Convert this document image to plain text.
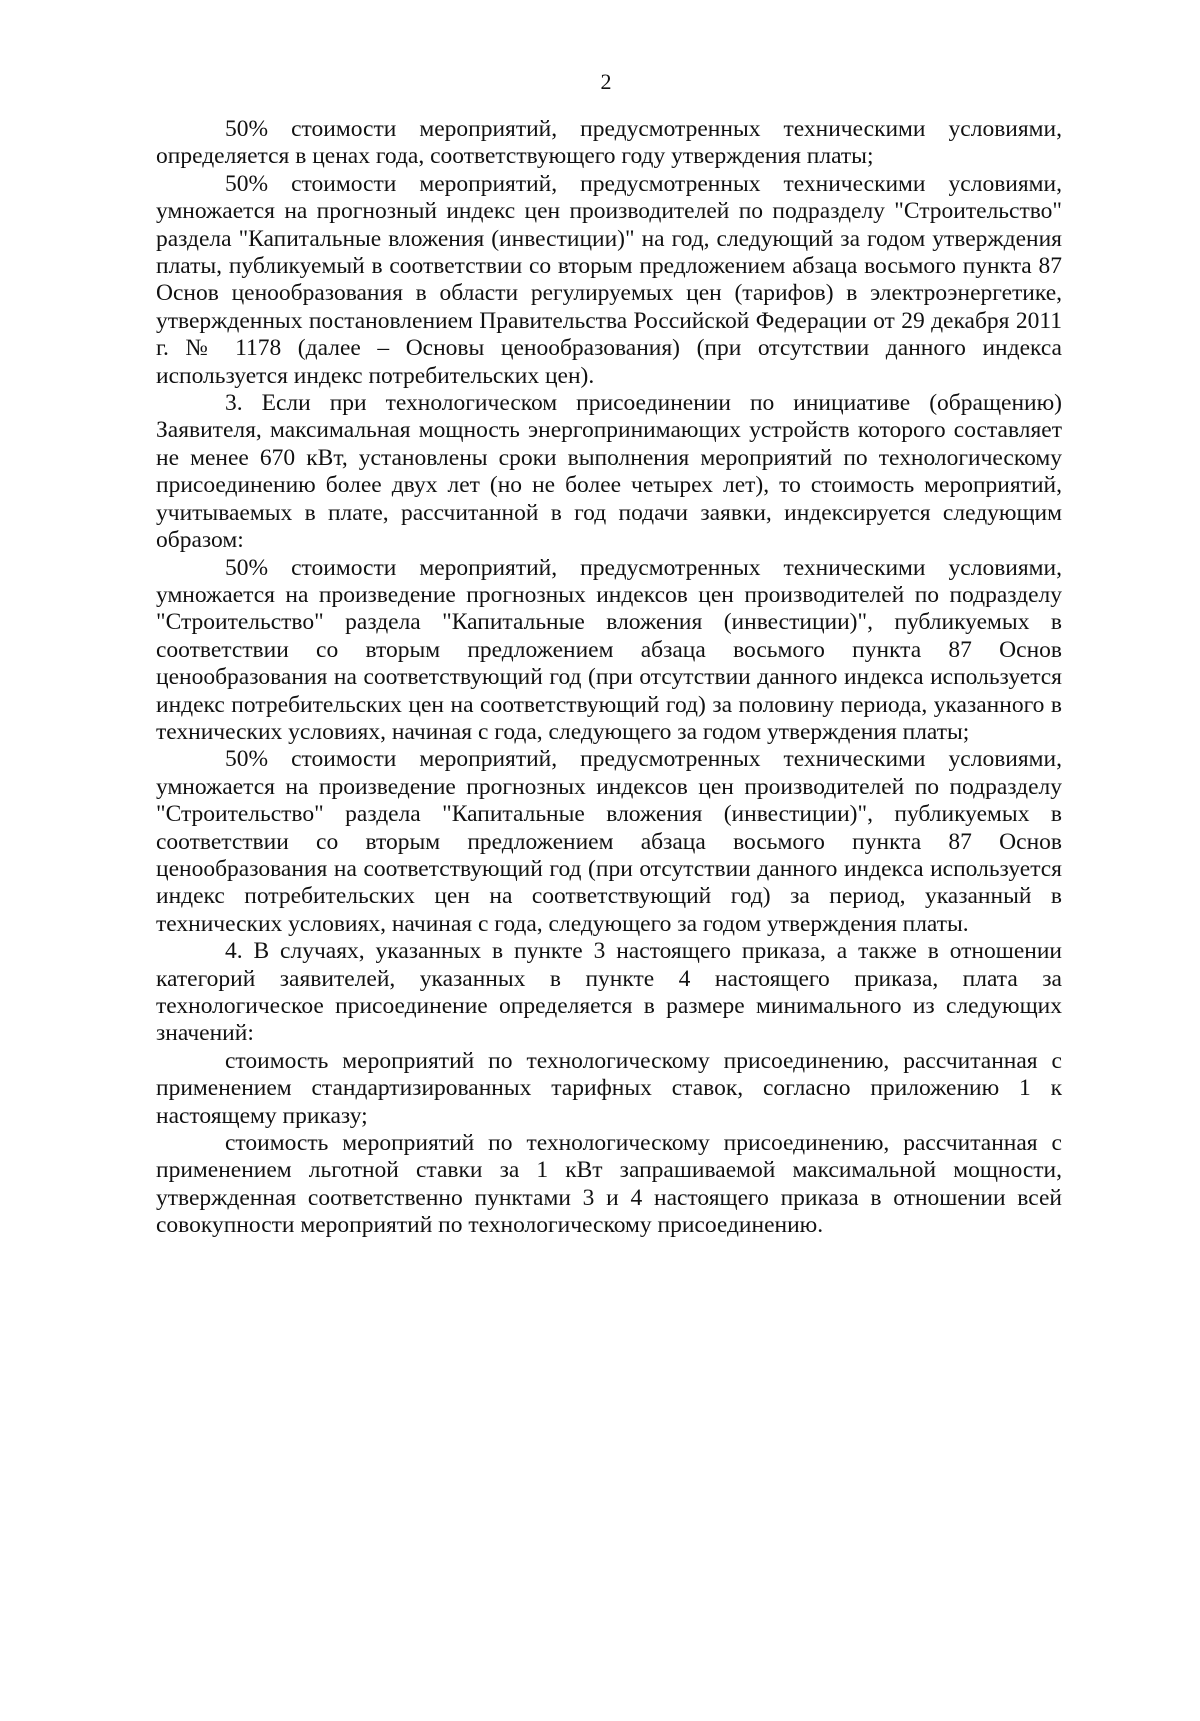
2

50% стоимости мероприятий, предусмотренных техническими условиями, определяется в ценах года, соответствующего году утверждения платы;

50% стоимости мероприятий, предусмотренных техническими условиями, умножается на прогнозный индекс цен производителей по подразделу "Строительство" раздела "Капитальные вложения (инвестиции)" на год, следующий за годом утверждения платы, публикуемый в соответствии со вторым предложением абзаца восьмого пункта 87 Основ ценообразования в области регулируемых цен (тарифов) в электроэнергетике, утвержденных постановлением Правительства Российской Федерации от 29 декабря 2011 г. № 1178 (далее – Основы ценообразования) (при отсутствии данного индекса используется индекс потребительских цен).

3. Если при технологическом присоединении по инициативе (обращению) Заявителя, максимальная мощность энергопринимающих устройств которого составляет не менее 670 кВт, установлены сроки выполнения мероприятий по технологическому присоединению более двух лет (но не более четырех лет), то стоимость мероприятий, учитываемых в плате, рассчитанной в год подачи заявки, индексируется следующим образом:

50% стоимости мероприятий, предусмотренных техническими условиями, умножается на произведение прогнозных индексов цен производителей по подразделу "Строительство" раздела "Капитальные вложения (инвестиции)", публикуемых в соответствии со вторым предложением абзаца восьмого пункта 87 Основ ценообразования на соответствующий год (при отсутствии данного индекса используется индекс потребительских цен на соответствующий год) за половину периода, указанного в технических условиях, начиная с года, следующего за годом утверждения платы;

50% стоимости мероприятий, предусмотренных техническими условиями, умножается на произведение прогнозных индексов цен производителей по подразделу "Строительство" раздела "Капитальные вложения (инвестиции)", публикуемых в соответствии со вторым предложением абзаца восьмого пункта 87 Основ ценообразования на соответствующий год (при отсутствии данного индекса используется индекс потребительских цен на соответствующий год) за период, указанный в технических условиях, начиная с года, следующего за годом утверждения платы.

4. В случаях, указанных в пункте 3 настоящего приказа, а также в отношении категорий заявителей, указанных в пункте 4 настоящего приказа, плата за технологическое присоединение определяется в размере минимального из следующих значений:

стоимость мероприятий по технологическому присоединению, рассчитанная с применением стандартизированных тарифных ставок, согласно приложению 1 к настоящему приказу;

стоимость мероприятий по технологическому присоединению, рассчитанная с применением льготной ставки за 1 кВт запрашиваемой максимальной мощности, утвержденная соответственно пунктами 3 и 4 настоящего приказа в отношении всей совокупности мероприятий по технологическому присоединению.
